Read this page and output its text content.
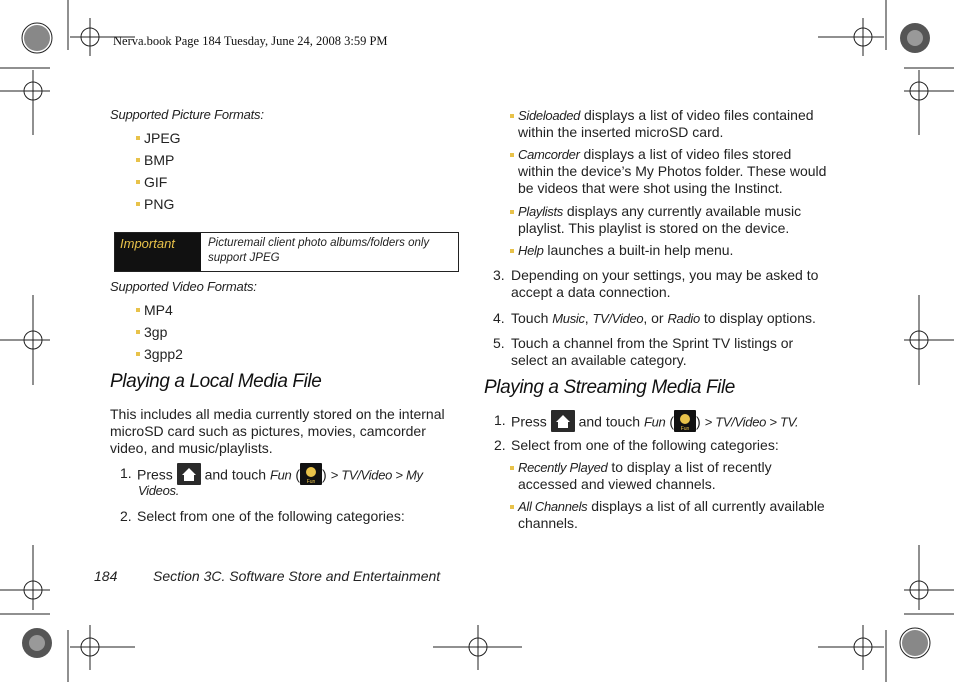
Nerva.book Page 184 Tuesday, June 24, 2008 3:59 PM
Supported Picture Formats:
JPEG
BMP
GIF
PNG
Important	Picturemail client photo albums/folders only support JPEG
Supported Video Formats:
MP4
3gp
3gpp2
Playing a Local Media File
This includes all media currently stored on the internal microSD card such as pictures, movies, camcorder video, and music/playlists.
1. Press and touch Fun ( Fun ) > TV/Video > My
Videos.
2. Select from one of the following categories:
Sideloaded displays a list of video files contained
within the inserted microSD card.
Camcorder displays a list of video files stored
within the device’s My Photos folder. These would
be videos that were shot using the Instinct.
Playlists displays any currently available music
playlist. This playlist is stored on the device.
Help launches a built-in help menu.
3. Depending on your settings, you may be asked to
accept a data connection.
4. Touch Music, TV/Video, or Radio to display options.
5. Touch a channel from the Sprint TV listings or
select an available category.
Playing a Streaming Media File
1. Press and touch Fun ( Fun ) > TV/Video > TV.
2. Select from one of the following categories:
Recently Played to display a list of recently
accessed and viewed channels.
All Channels displays a list of all currently available
channels.
184	Section 3C. Software Store and Entertainment
